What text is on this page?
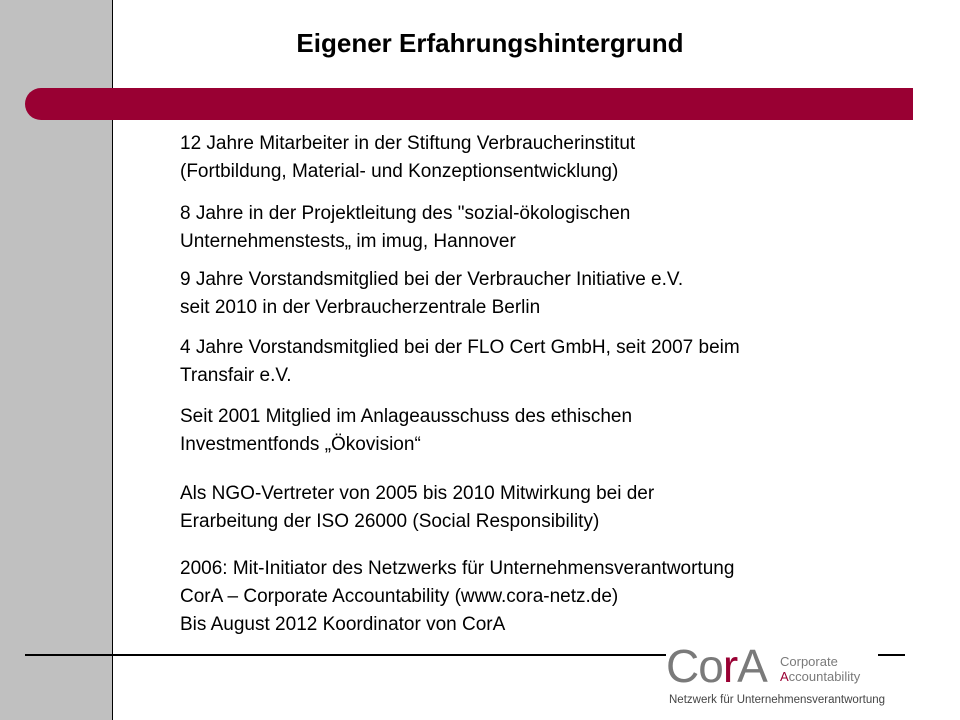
Eigener Erfahrungshintergrund
12 Jahre Mitarbeiter in der Stiftung Verbraucherinstitut
(Fortbildung, Material- und Konzeptionsentwicklung)
8 Jahre in der Projektleitung des "sozial-ökologischen
Unternehmenstests„ im imug, Hannover
9 Jahre Vorstandsmitglied bei der Verbraucher Initiative e.V.
seit 2010 in der Verbraucherzentrale Berlin
4 Jahre Vorstandsmitglied bei der FLO Cert GmbH, seit 2007 beim
Transfair e.V.
Seit 2001 Mitglied im Anlageausschuss des ethischen
Investmentfonds „Ökovision“
Als NGO-Vertreter von 2005 bis 2010 Mitwirkung bei der
Erarbeitung der ISO 26000 (Social Responsibility)
2006: Mit-Initiator des Netzwerks für Unternehmensverantwortung
CorA – Corporate Accountability (www.cora-netz.de)
Bis August 2012 Koordinator von CorA
CorA Corporate
Accountability
Netzwerk für Unternehmensverantwortung
